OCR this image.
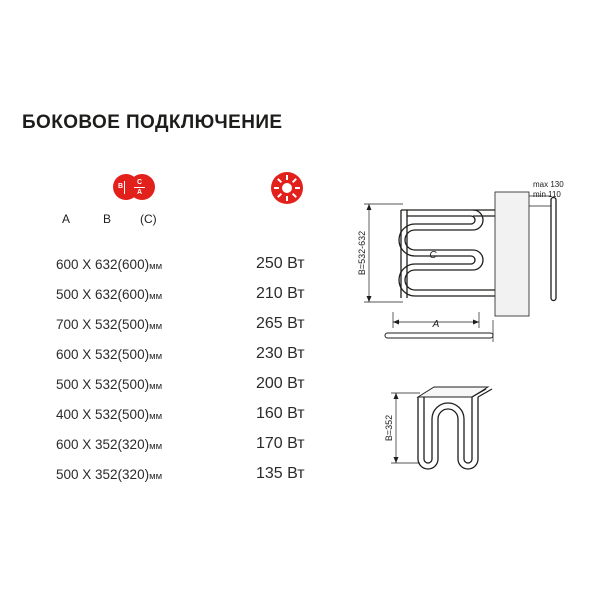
БОКОВОЕ ПОДКЛЮЧЕНИЕ
B
C
A
A	B (C)
600 X 632(600)мм	250 Вт
500 X 632(600)мм	210 Вт
700 X 532(500)мм	265 Вт
600 X 532(500)мм	230 Вт
500 X 532(500)мм	200 Вт
400 X 532(500)мм	160 Вт
600 X 352(320)мм	170 Вт
500 X 352(320)мм	135 Вт
B=532-632
A
C
max 130
min 110
B=352
